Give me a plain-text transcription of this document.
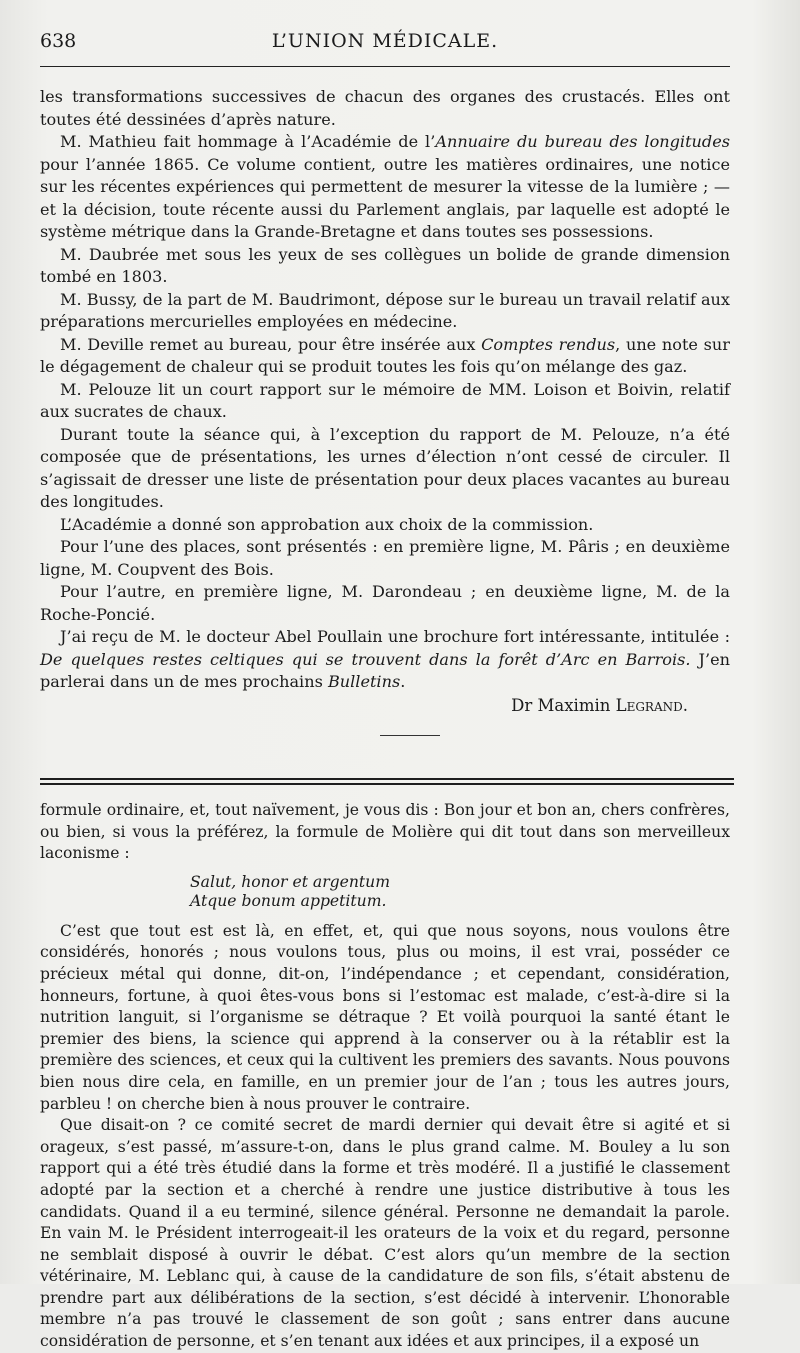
638	L’UNION MÉDICALE.

les transformations successives de chacun des organes des crustacés. Elles ont toutes été dessinées d’après nature.

M. Mathieu fait hommage à l’Académie de l’Annuaire du bureau des longitudes pour l’année 1865. Ce volume contient, outre les matières ordinaires, une notice sur les récentes expériences qui permettent de mesurer la vitesse de la lumière ; — et la décision, toute récente aussi du Parlement anglais, par laquelle est adopté le système métrique dans la Grande-Bretagne et dans toutes ses possessions.

M. Daubrée met sous les yeux de ses collègues un bolide de grande dimension tombé en 1803.

M. Bussy, de la part de M. Baudrimont, dépose sur le bureau un travail relatif aux préparations mercurielles employées en médecine.

M. Deville remet au bureau, pour être insérée aux Comptes rendus, une note sur le dégagement de chaleur qui se produit toutes les fois qu’on mélange des gaz.

M. Pelouze lit un court rapport sur le mémoire de MM. Loison et Boivin, relatif aux sucrates de chaux.

Durant toute la séance qui, à l’exception du rapport de M. Pelouze, n’a été composée que de présentations, les urnes d’élection n’ont cessé de circuler. Il s’agissait de dresser une liste de présentation pour deux places vacantes au bureau des longitudes.

L’Académie a donné son approbation aux choix de la commission.

Pour l’une des places, sont présentés : en première ligne, M. Pâris ; en deuxième ligne, M. Coupvent des Bois.

Pour l’autre, en première ligne, M. Darondeau ; en deuxième ligne, M. de la Roche-Poncié.

J’ai reçu de M. le docteur Abel Poullain une brochure fort intéressante, intitulée : De quelques restes celtiques qui se trouvent dans la forêt d’Arc en Barrois. J’en parlerai dans un de mes prochains Bulletins.

Dr Maximin Legrand.

formule ordinaire, et, tout naïvement, je vous dis : Bon jour et bon an, chers confrères, ou bien, si vous la préférez, la formule de Molière qui dit tout dans son merveilleux laconisme :

Salut, honor et argentum
Atque bonum appetitum.

C’est que tout est est là, en effet, et, qui que nous soyons, nous voulons être considérés, honorés ; nous voulons tous, plus ou moins, il est vrai, posséder ce précieux métal qui donne, dit-on, l’indépendance ; et cependant, considération, honneurs, fortune, à quoi êtes-vous bons si l’estomac est malade, c’est-à-dire si la nutrition languit, si l’organisme se détraque ? Et voilà pourquoi la santé étant le premier des biens, la science qui apprend à la conserver ou à la rétablir est la première des sciences, et ceux qui la cultivent les premiers des savants. Nous pouvons bien nous dire cela, en famille, en un premier jour de l’an ; tous les autres jours, parbleu ! on cherche bien à nous prouver le contraire.

Que disait-on ? ce comité secret de mardi dernier qui devait être si agité et si orageux, s’est passé, m’assure-t-on, dans le plus grand calme. M. Bouley a lu son rapport qui a été très étudié dans la forme et très modéré. Il a justifié le classement adopté par la section et a cherché à rendre une justice distributive à tous les candidats. Quand il a eu terminé, silence général. Personne ne demandait la parole. En vain M. le Président interrogeait-il les orateurs de la voix et du regard, personne ne semblait disposé à ouvrir le débat. C’est alors qu’un membre de la section vétérinaire, M. Leblanc qui, à cause de la candidature de son fils, s’était abstenu de prendre part aux délibérations de la section, s’est décidé à intervenir. L’honorable membre n’a pas trouvé le classement de son goût ; sans entrer dans aucune considération de personne, et s’en tenant aux idées et aux principes, il a exposé un
